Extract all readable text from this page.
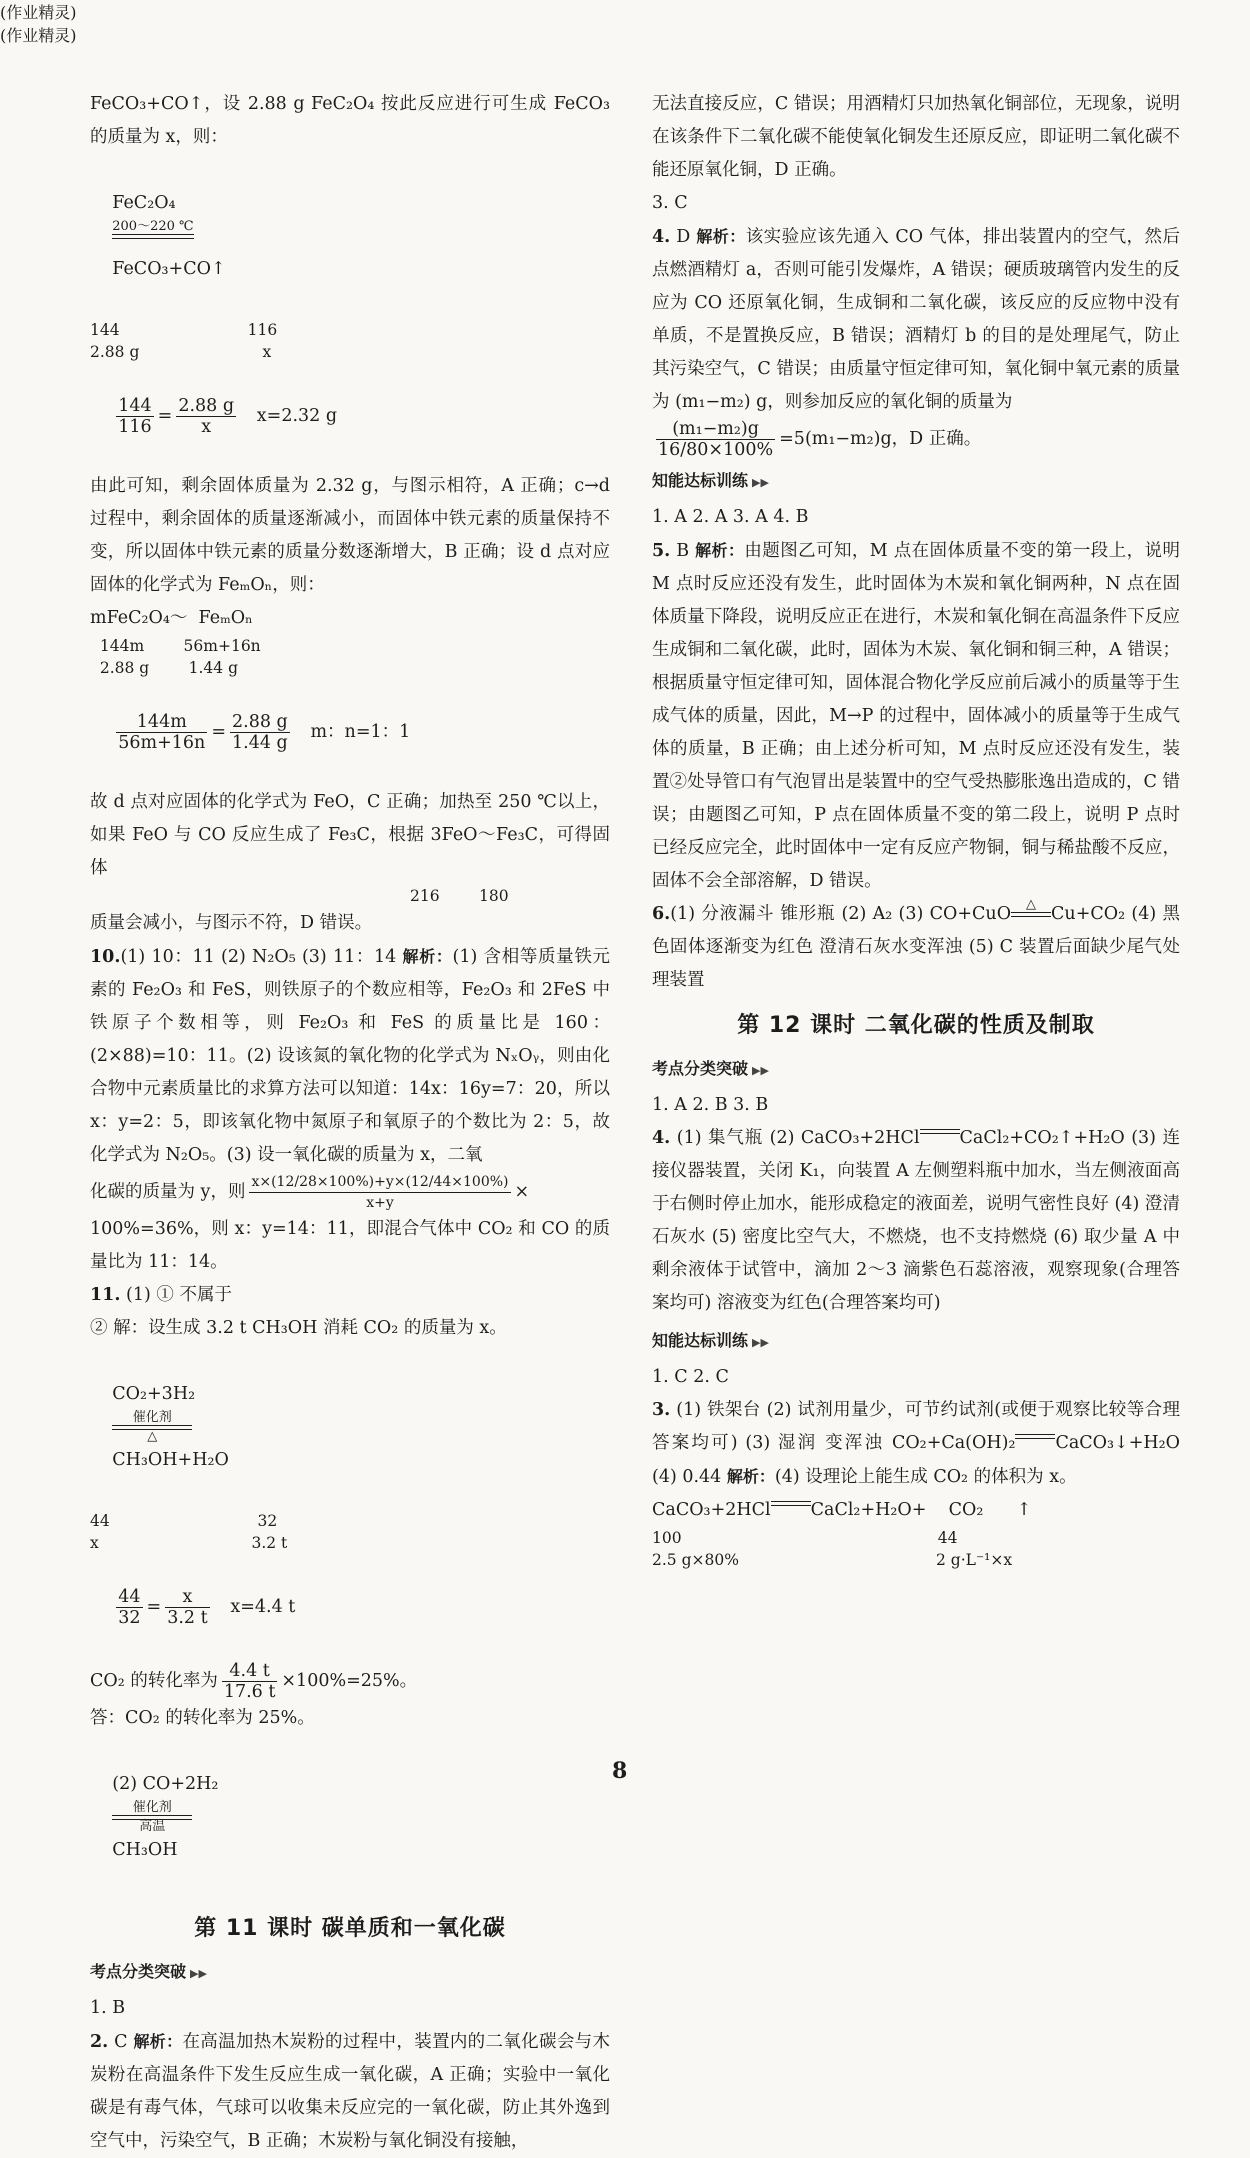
FeCO₃+CO↑，设 2.88 g FeC₂O₄ 按此反应进行可生成 FeCO₃ 的质量为 x，则：

FeC₂O₄

200～220 ℃

FeCO₃+CO↑

144                          116

2.88 g                         x

$\frac{144}{116} = \frac{2.88 g}{x} x=2.32$ g

由此可知，剩余固体质量为 2.32 g，与图示相符，A 正确；c→d 过程中，剩余固体的质量逐渐减小，而固体中铁元素的质量保持不变，所以固体中铁元素的质量分数逐渐增大，B 正确；设 d 点对应固体的化学式为 FeₘOₙ，则：

mFeC₂O₄～  FeₘOₙ

144m        56m+16n

2.88 g        1.44 g

$\frac{144m}{56m+16n} = \frac{2.88 g}{1.44 g}$ m：n=1：1

故 d 点对应固体的化学式为 FeO，C 正确；加热至 250 ℃以上，如果 FeO 与 CO 反应生成了 Fe₃C，根据 3FeO～Fe₃C，可得固体

216        180

质量会减小，与图示不符，D 错误。

10.(1) 10：11 (2) N₂O₅ (3) 11：14 解析：(1) 含相等质量铁元素的 Fe₂O₃ 和 FeS，则铁原子的个数应相等，Fe₂O₃ 和 2FeS 中铁原子个数相等，则 Fe₂O₃ 和 FeS 的质量比是 160：(2×88)=10：11。(2) 设该氮的氧化物的化学式为 NₓOᵧ，则由化合物中元素质量比的求算方法可以知道：14x：16y=7：20，所以 x：y=2：5，即该氧化物中氮原子和氧原子的个数比为 2：5，故化学式为 N₂O₅。(3) 设一氧化碳的质量为 x，二氧

化碳的质量为 y，则 $\frac{x\times(12/28\times 100\%)+y\times(12/44\times 100\%)}{x+y}$ ×

100%=36%，则 x：y=14：11，即混合气体中 CO₂ 和 CO 的质量比为 11：14。

11. (1) ① 不属于

② 解：设生成 3.2 t CH₃OH 消耗 CO₂ 的质量为 x。

CO₂+3H₂

催化剂
△

CH₃OH+H₂O

44                              32

x                               3.2 t

$\frac{44}{32} = \frac{x}{3.2 t} x=4.4$ t

CO₂ 的转化率为 $\frac{4.4 t}{17.6 t} \times 100\%=25\%$。

答：CO₂ 的转化率为 25%。

(2) CO+2H₂

催化剂
高温

CH₃OH

第 11 课时 碳单质和一氧化碳
考点分类突破 ▶▶

1. B

2. C 解析：在高温加热木炭粉的过程中，装置内的二氧化碳会与木炭粉在高温条件下发生反应生成一氧化碳，A 正确；实验中一氧化碳是有毒气体，气球可以收集未反应完的一氧化碳，防止其外逸到空气中，污染空气，B 正确；木炭粉与氧化铜没有接触，

无法直接反应，C 错误；用酒精灯只加热氧化铜部位，无现象，说明在该条件下二氧化碳不能使氧化铜发生还原反应，即证明二氧化碳不能还原氧化铜，D 正确。

3. C

4. D 解析：该实验应该先通入 CO 气体，排出装置内的空气，然后点燃酒精灯 a，否则可能引发爆炸，A 错误；硬质玻璃管内发生的反应为 CO 还原氧化铜，生成铜和二氧化碳，该反应的反应物中没有单质，不是置换反应，B 错误；酒精灯 b 的目的是处理尾气，防止其污染空气，C 错误；由质量守恒定律可知，氧化铜中氧元素的质量为 (m₁−m₂) g，则参加反应的氧化铜的质量为

$\frac{\text{(m₁−m₂)g}}{16/80\times 100\%} =5(m_1-m_2)g$，D 正确。
知能达标训练 ▶▶

1. A 2. A 3. A 4. B

5. B 解析：由题图乙可知，M 点在固体质量不变的第一段上，说明 M 点时反应还没有发生，此时固体为木炭和氧化铜两种，N 点在固体质量下降段，说明反应正在进行，木炭和氧化铜在高温条件下反应生成铜和二氧化碳，此时，固体为木炭、氧化铜和铜三种，A 错误；根据质量守恒定律可知，固体混合物化学反应前后减小的质量等于生成气体的质量，因此，M→P 的过程中，固体减小的质量等于生成气体的质量，B 正确；由上述分析可知，M 点时反应还没有发生，装置②处导管口有气泡冒出是装置中的空气受热膨胀逸出造成的，C 错误；由题图乙可知，P 点在固体质量不变的第二段上，说明 P 点时已经反应完全，此时固体中一定有反应产物铜，铜与稀盐酸不反应，固体不会全部溶解，D 错误。

6.(1) 分液漏斗 锥形瓶 (2) A₂ (3) CO+CuO	△ Cu+CO₂ (4) 黑色固体逐渐变为红色 澄清石灰水变浑浊 (5) C 装置后面缺少尾气处理装置

第 12 课时 二氧化碳的性质及制取
考点分类突破 ▶▶

1. A 2. B 3. B

4. (1) 集气瓶 (2) CaCO₃+2HCl CaCl₂+CO₂↑+H₂O (3) 连接仪器装置，关闭 K₁，向装置 A 左侧塑料瓶中加水，当左侧液面高于右侧时停止加水，能形成稳定的液面差，说明气密性良好 (4) 澄清石灰水 (5) 密度比空气大，不燃烧，也不支持燃烧 (6) 取少量 A 中剩余液体于试管中，滴加 2～3 滴紫色石蕊溶液，观察现象(合理答案均可) 溶液变为红色(合理答案均可)

知能达标训练 ▶▶

1. C 2. C

3. (1) 铁架台 (2) 试剂用量少，可节约试剂(或便于观察比较等合理答案均可) (3) 湿润 变浑浊 CO₂+Ca(OH)₂ CaCO₃↓+H₂O (4) 0.44 解析：(4) 设理论上能生成 CO₂ 的体积为 x。

CaCO₃+2HCl CaCl₂+H₂O+    CO₂      ↑

100                                                    44

2.5 g×80%                                        2 g·L⁻¹×x

(作业精灵)
(作业精灵)
8
